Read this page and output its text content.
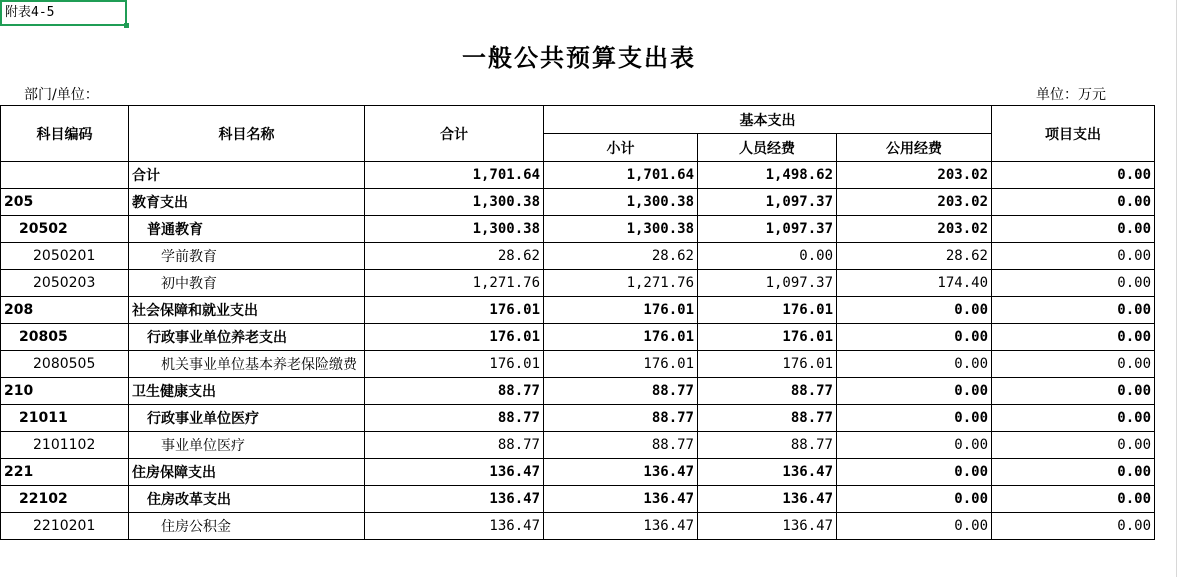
附表4-5
一般公共预算支出表
部门/单位：	单位：万元
科目编码	科目名称	合计	基本支出			项目支出
			小计	人员经费	公用经费	
	合计	1,701.64	1,701.64	1,498.62	203.02	0.00
205	教育支出	1,300.38	1,300.38	1,097.37	203.02	0.00
20502	普通教育	1,300.38	1,300.38	1,097.37	203.02	0.00
2050201	学前教育	28.62	28.62	0.00	28.62	0.00
2050203	初中教育	1,271.76	1,271.76	1,097.37	174.40	0.00
208	社会保障和就业支出	176.01	176.01	176.01	0.00	0.00
20805	行政事业单位养老支出	176.01	176.01	176.01	0.00	0.00
2080505	机关事业单位基本养老保险缴费	176.01	176.01	176.01	0.00	0.00
210	卫生健康支出	88.77	88.77	88.77	0.00	0.00
21011	行政事业单位医疗	88.77	88.77	88.77	0.00	0.00
2101102	事业单位医疗	88.77	88.77	88.77	0.00	0.00
221	住房保障支出	136.47	136.47	136.47	0.00	0.00
22102	住房改革支出	136.47	136.47	136.47	0.00	0.00
2210201	住房公积金	136.47	136.47	136.47	0.00	0.00
